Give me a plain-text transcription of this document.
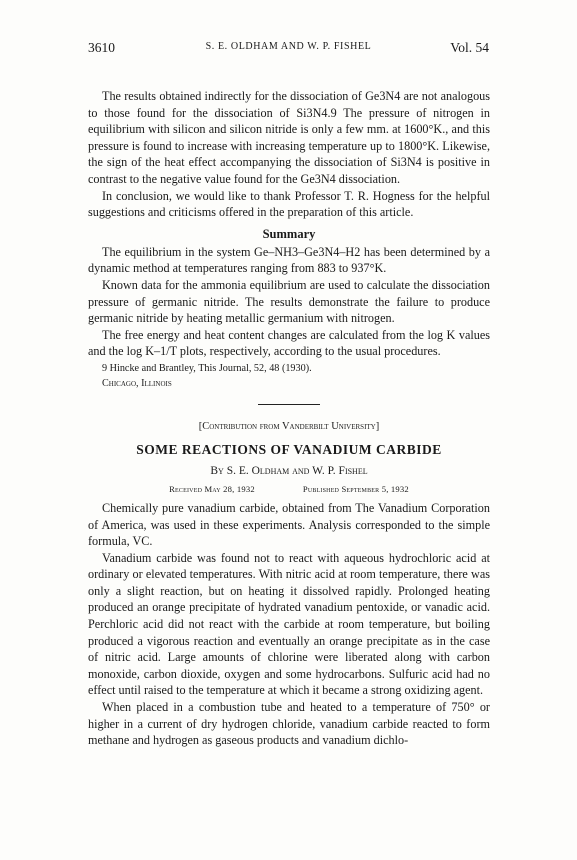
3610	S. E. OLDHAM AND W. P. FISHEL	Vol. 54

The results obtained indirectly for the dissociation of Ge3N4 are not analogous to those found for the dissociation of Si3N4.9 The pressure of nitrogen in equilibrium with silicon and silicon nitride is only a few mm. at 1600°K., and this pressure is found to increase with increasing temperature up to 1800°K. Likewise, the sign of the heat effect accompanying the dissociation of Si3N4 is positive in contrast to the negative value found for the Ge3N4 dissociation.

In conclusion, we would like to thank Professor T. R. Hogness for the helpful suggestions and criticisms offered in the preparation of this article.

Summary

The equilibrium in the system Ge–NH3–Ge3N4–H2 has been determined by a dynamic method at temperatures ranging from 883 to 937°K.

Known data for the ammonia equilibrium are used to calculate the dissociation pressure of germanic nitride. The results demonstrate the failure to produce germanic nitride by heating metallic germanium with nitrogen.

The free energy and heat content changes are calculated from the log K values and the log K–1/T plots, respectively, according to the usual procedures.

9 Hincke and Brantley, This Journal, 52, 48 (1930).
Chicago, Illinois
[Contribution from Vanderbilt University]
SOME REACTIONS OF VANADIUM CARBIDE
By S. E. Oldham and W. P. Fishel
Received May 28, 1932	Published September 5, 1932

Chemically pure vanadium carbide, obtained from The Vanadium Corporation of America, was used in these experiments. Analysis corresponded to the simple formula, VC.

Vanadium carbide was found not to react with aqueous hydrochloric acid at ordinary or elevated temperatures. With nitric acid at room temperature, there was only a slight reaction, but on heating it dissolved rapidly. Prolonged heating produced an orange precipitate of hydrated vanadium pentoxide, or vanadic acid. Perchloric acid did not react with the carbide at room temperature, but boiling produced a vigorous reaction and eventually an orange precipitate as in the case of nitric acid. Large amounts of chlorine were liberated along with carbon monoxide, carbon dioxide, oxygen and some hydrocarbons. Sulfuric acid had no effect until raised to the temperature at which it became a strong oxidizing agent.

When placed in a combustion tube and heated to a temperature of 750° or higher in a current of dry hydrogen chloride, vanadium carbide reacted to form methane and hydrogen as gaseous products and vanadium dichlo-
